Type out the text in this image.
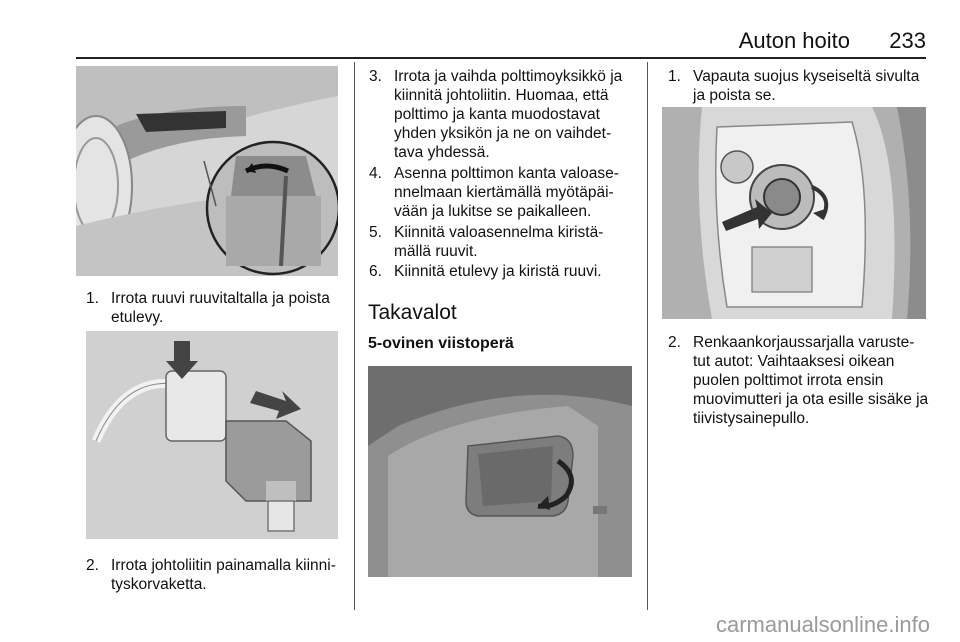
Auton hoito	233
1. Irrota ruuvi ruuvitaltalla ja poista etulevy.
2. Irrota johtoliitin painamalla kiinni-tyskorvaketta.
3. Irrota ja vaihda polttimoyksikkö ja kiinnitä johtoliitin. Huomaa, että polttimo ja kanta muodostavat yhden yksikön ja ne on vaihdet-tava yhdessä.
4. Asenna polttimon kanta valoase-nnelmaan kiertämällä myötäpäi-vään ja lukitse se paikalleen.
5. Kiinnitä valoasennelma kiristä-mällä ruuvit.
6. Kiinnitä etulevy ja kiristä ruuvi.
Takavalot
5-ovinen viistoperä
1. Vapauta suojus kyseiseltä sivulta ja poista se.
2. Renkaankorjaussarjalla varuste-tut autot: Vaihtaaksesi oikean puolen polttimot irrota ensin muovimutteri ja ota esille sisäke ja tiivistysainepullo.
carmanualsonline.info
